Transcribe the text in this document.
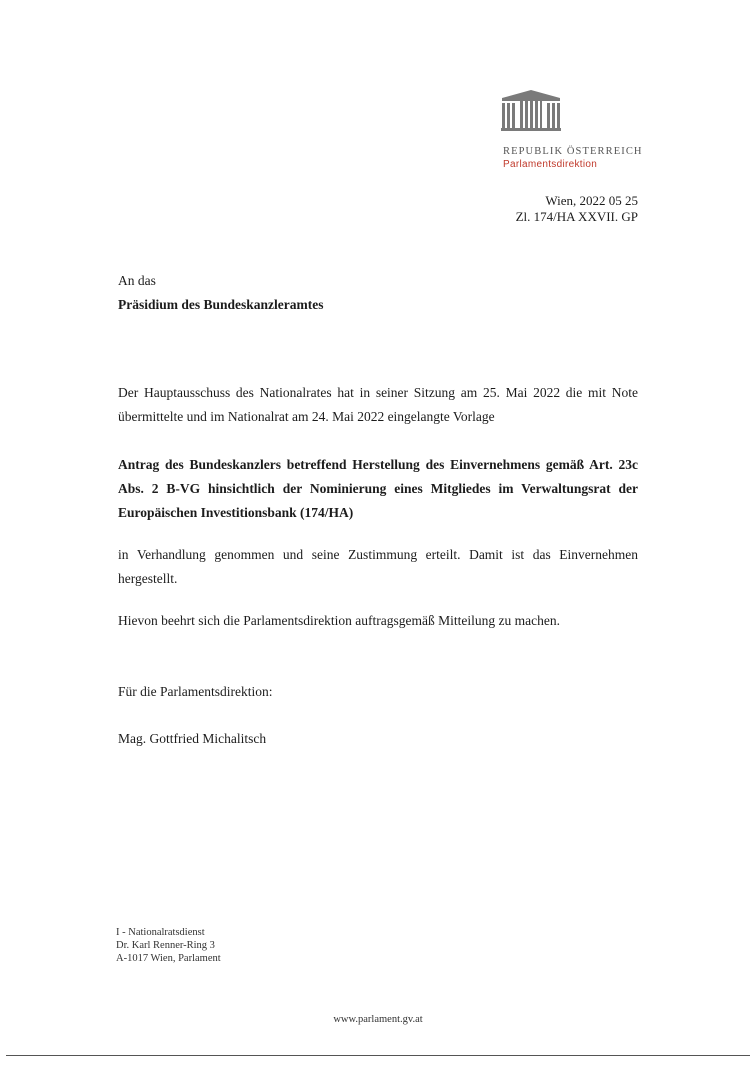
REPUBLIK ÖSTERREICH
Parlamentsdirektion
Wien, 2022 05 25
Zl. 174/HA XXVII. GP
An das
Präsidium des Bundeskanzleramtes
Der Hauptausschuss des Nationalrates hat in seiner Sitzung am 25. Mai 2022 die mit Note übermittelte und im Nationalrat am 24. Mai 2022 eingelangte Vorlage
Antrag des Bundeskanzlers betreffend Herstellung des Einvernehmens gemäß Art. 23c Abs. 2 B-VG hinsichtlich der Nominierung eines Mitgliedes im Verwaltungsrat der Europäischen Investitionsbank (174/HA)
in Verhandlung genommen und seine Zustimmung erteilt. Damit ist das Einvernehmen hergestellt.
Hievon beehrt sich die Parlamentsdirektion auftragsgemäß Mitteilung zu machen.
Für die Parlamentsdirektion:
Mag. Gottfried Michalitsch
I - Nationalratsdienst
Dr. Karl Renner-Ring 3
A-1017 Wien, Parlament
www.parlament.gv.at
